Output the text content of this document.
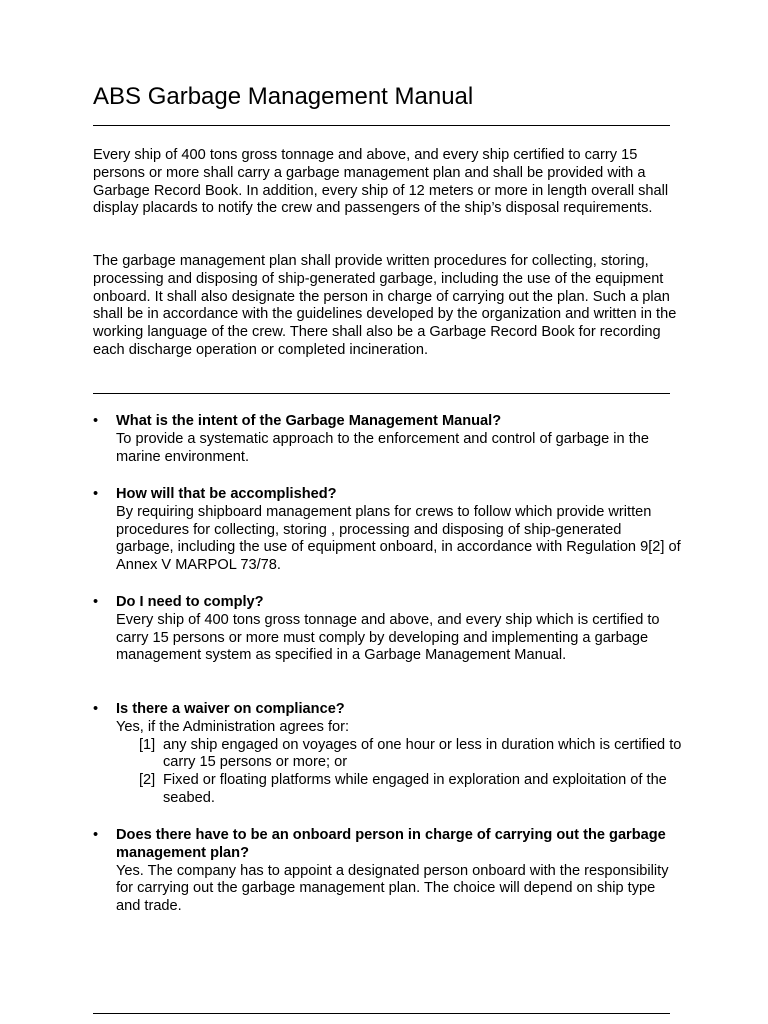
ABS Garbage Management Manual

Every ship of 400 tons gross tonnage and above, and every ship certified to carry 15 persons or more shall carry a garbage management plan and shall be provided with a Garbage Record Book. In addition, every ship of 12 meters or more in length overall shall display placards to notify the crew and passengers of the ship’s disposal requirements.

The garbage management plan shall provide written procedures for collecting, storing, processing and disposing of ship-generated garbage, including the use of the equipment onboard. It shall also designate the person in charge of carrying out the plan. Such a plan shall be in accordance with the guidelines developed by the organization and written in the working language of the crew. There shall also be a Garbage Record Book for recording each discharge operation or completed incineration.

• What is the intent of the Garbage Management Manual?
To provide a systematic approach to the enforcement and control of garbage in the marine environment.
• How will that be accomplished?
By requiring shipboard management plans for crews to follow which provide written procedures for collecting, storing , processing and disposing of ship-generated garbage, including the use of equipment onboard, in accordance with Regulation 9[2] of Annex V MARPOL 73/78.
• Do I need to comply?
Every ship of 400 tons gross tonnage and above, and every ship which is certified to carry 15 persons or more must comply by developing and implementing a garbage management system as specified in a Garbage Management Manual.
• Is there a waiver on compliance?
Yes, if the Administration agrees for:
[1] any ship engaged on voyages of one hour or less in duration which is certified to carry 15 persons or more; or
[2] Fixed or floating platforms while engaged in exploration and exploitation of the seabed.
• Does there have to be an onboard person in charge of carrying out the garbage management plan?
Yes. The company has to appoint a designated person onboard with the responsibility for carrying out the garbage management plan. The choice will depend on ship type and trade.
